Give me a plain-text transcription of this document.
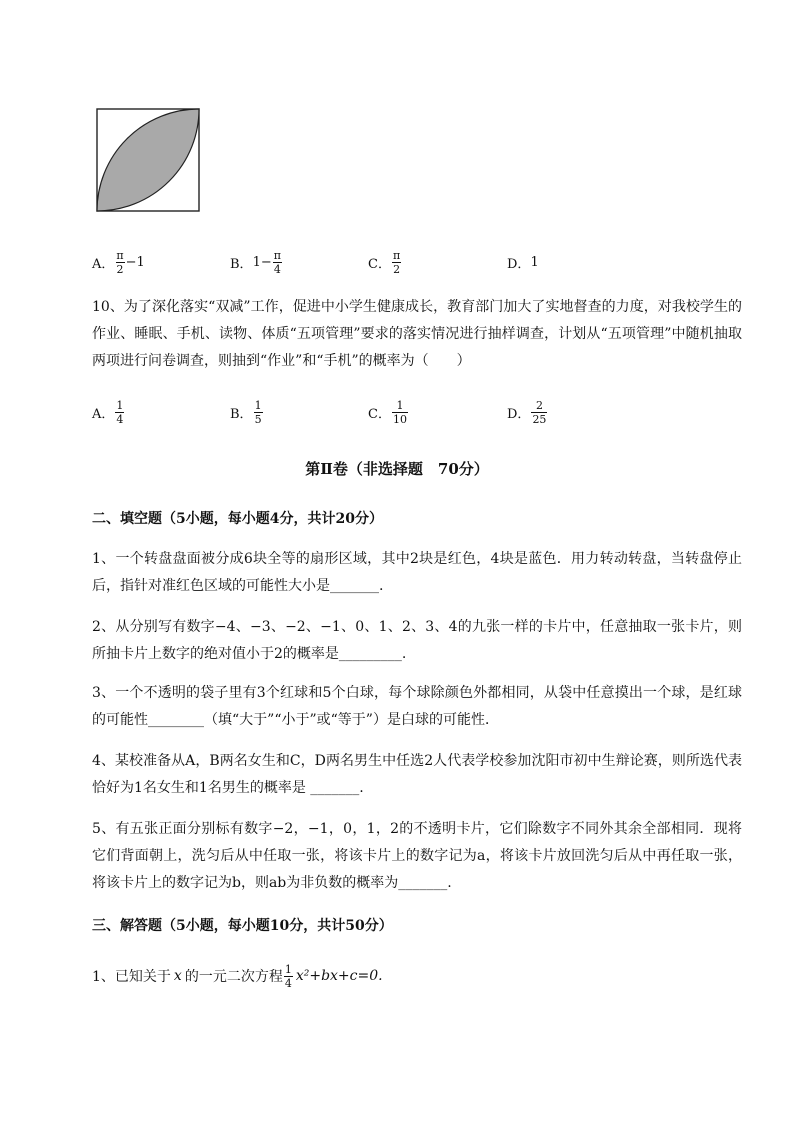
A． $\frac{\pi}{2} -1$	B． $1- \frac{\pi}{4}$	C． $\frac{\pi}{2}$	D． 1
10、为了深化落实“双减”工作，促进中小学生健康成长，教育部门加大了实地督查的力度，对我校学生的作业、睡眠、手机、读物、体质“五项管理”要求的落实情况进行抽样调查，计划从“五项管理”中随机抽取两项进行问卷调查，则抽到“作业”和“手机”的概率为（　　）
A． $\frac{1}{4}$	B． $\frac{1}{5}$	C． $\frac{1}{10}$	D． $\frac{2}{25}$
第Ⅱ卷（非选择题　70分）
二、填空题（5小题，每小题4分，共计20分）
1、一个转盘盘面被分成6块全等的扇形区域，其中2块是红色，4块是蓝色．用力转动转盘，当转盘停止后，指针对准红色区域的可能性大小是_______.
2、从分别写有数字−4、−3、−2、−1、0、1、2、3、4的九张一样的卡片中，任意抽取一张卡片，则所抽卡片上数字的绝对值小于2的概率是_________.
3、一个不透明的袋子里有3个红球和5个白球，每个球除颜色外都相同，从袋中任意摸出一个球，是红球的可能性________（填“大于”“小于”或“等于”）是白球的可能性．
4、某校准备从A，B两名女生和C，D两名男生中任选2人代表学校参加沈阳市初中生辩论赛，则所选代表恰好为1名女生和1名男生的概率是 _______.
5、有五张正面分别标有数字−2，−1，0，1，2的不透明卡片，它们除数字不同外其余全部相同．现将它们背面朝上，洗匀后从中任取一张，将该卡片上的数字记为a，将该卡片放回洗匀后从中再任取一张，将该卡片上的数字记为b，则ab为非负数的概率为_______.
三、解答题（5小题，每小题10分，共计50分）
1、已知关于 x 的一元二次方程 $\frac{1}{4} x^2+bx+c=0$.
